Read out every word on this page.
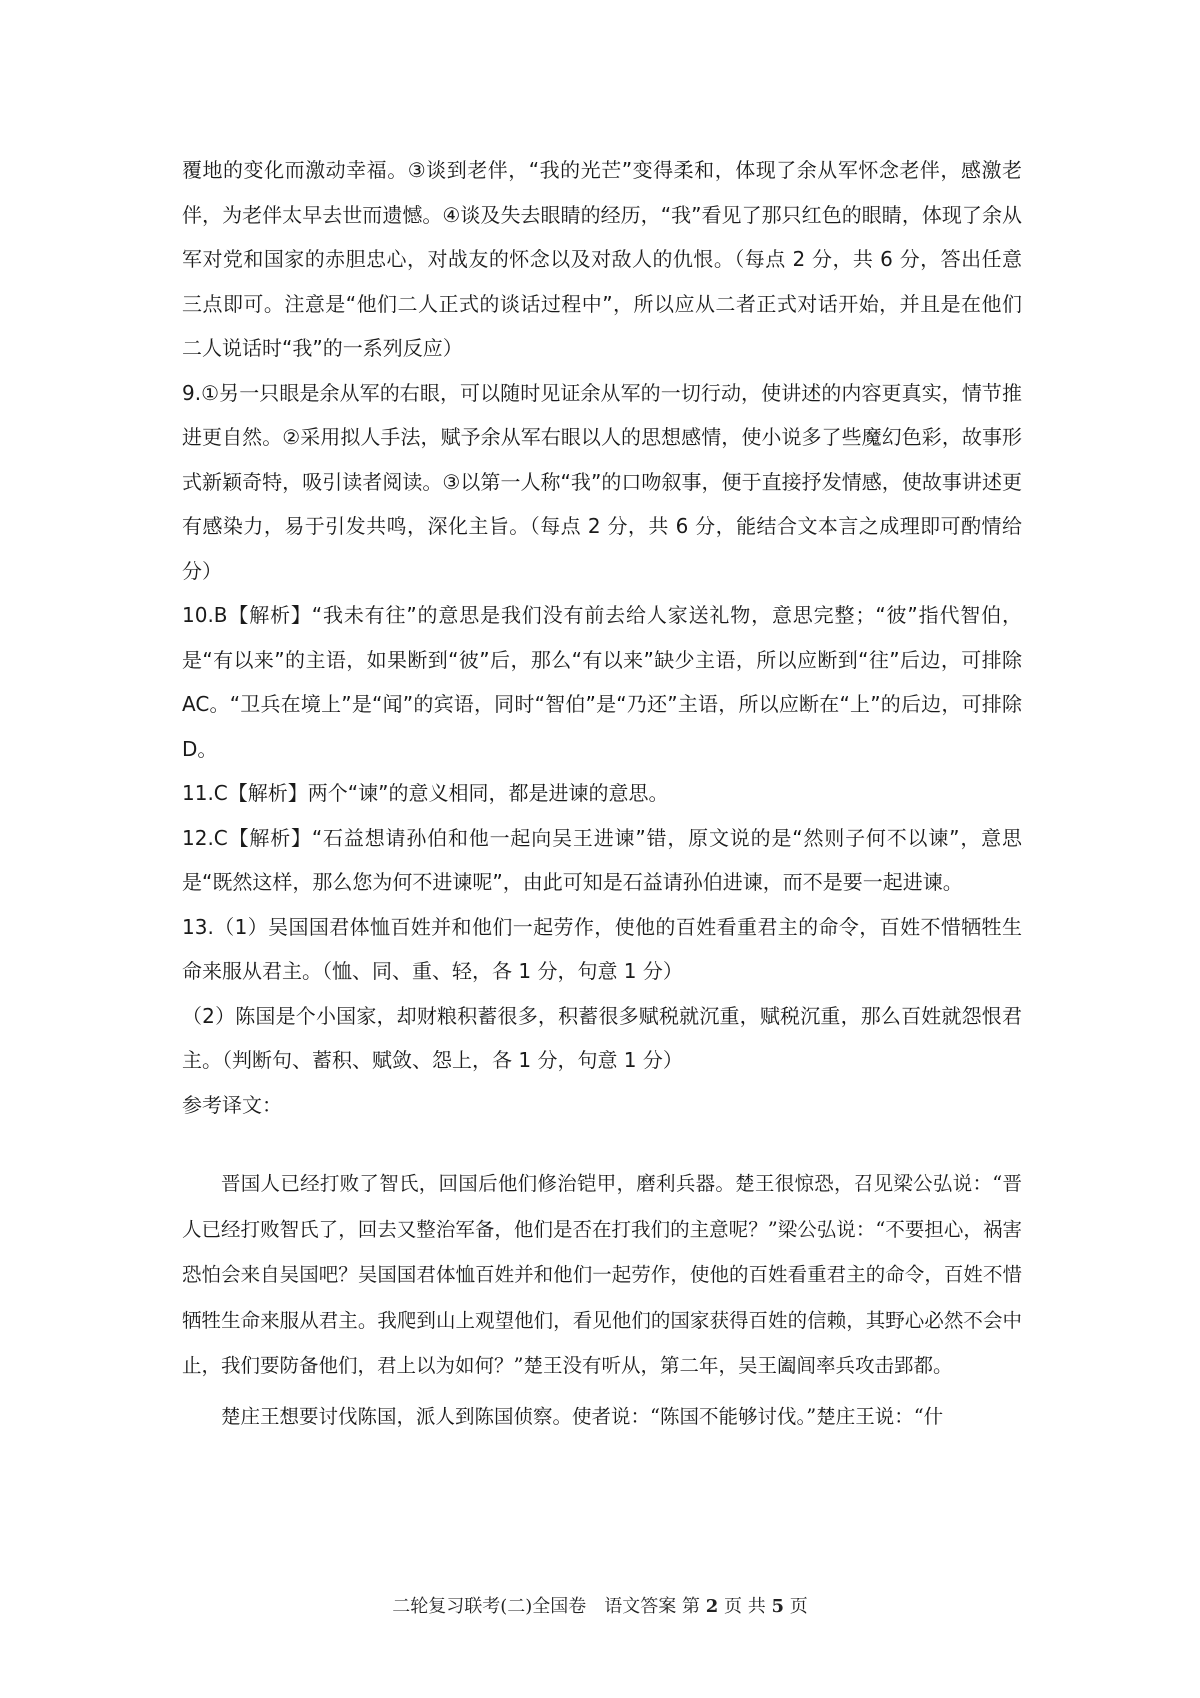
覆地的变化而激动幸福。③谈到老伴，“我的光芒”变得柔和，体现了余从军怀念老伴，感激老伴，为老伴太早去世而遗憾。④谈及失去眼睛的经历，“我”看见了那只红色的眼睛，体现了余从军对党和国家的赤胆忠心，对战友的怀念以及对敌人的仇恨。（每点 2 分，共 6 分，答出任意三点即可。注意是“他们二人正式的谈话过程中”，所以应从二者正式对话开始，并且是在他们二人说话时“我”的一系列反应）

9.①另一只眼是余从军的右眼，可以随时见证余从军的一切行动，使讲述的内容更真实，情节推进更自然。②采用拟人手法，赋予余从军右眼以人的思想感情，使小说多了些魔幻色彩，故事形式新颖奇特，吸引读者阅读。③以第一人称“我”的口吻叙事，便于直接抒发情感，使故事讲述更有感染力，易于引发共鸣，深化主旨。（每点 2 分，共 6 分，能结合文本言之成理即可酌情给分）

10.B【解析】“我未有往”的意思是我们没有前去给人家送礼物，意思完整；“彼”指代智伯，是“有以来”的主语，如果断到“彼”后，那么“有以来”缺少主语，所以应断到“往”后边，可排除 AC。“卫兵在境上”是“闻”的宾语，同时“智伯”是“乃还”主语，所以应断在“上”的后边，可排除 D。

11.C【解析】两个“谏”的意义相同，都是进谏的意思。

12.C【解析】“石益想请孙伯和他一起向吴王进谏”错，原文说的是“然则子何不以谏”，意思是“既然这样，那么您为何不进谏呢”，由此可知是石益请孙伯进谏，而不是要一起进谏。

13.（1）吴国国君体恤百姓并和他们一起劳作，使他的百姓看重君主的命令，百姓不惜牺牲生命来服从君主。（恤、同、重、轻，各 1 分，句意 1 分）

（2）陈国是个小国家，却财粮积蓄很多，积蓄很多赋税就沉重，赋税沉重，那么百姓就怨恨君主。（判断句、蓄积、赋敛、怨上，各 1 分，句意 1 分）

参考译文：

晋国人已经打败了智氏，回国后他们修治铠甲，磨利兵器。楚王很惊恐，召见梁公弘说：“晋人已经打败智氏了，回去又整治军备，他们是否在打我们的主意呢？”梁公弘说：“不要担心，祸害恐怕会来自吴国吧？吴国国君体恤百姓并和他们一起劳作，使他的百姓看重君主的命令，百姓不惜牺牲生命来服从君主。我爬到山上观望他们，看见他们的国家获得百姓的信赖，其野心必然不会中止，我们要防备他们，君上以为如何？”楚王没有听从，第二年，吴王阖闾率兵攻击郢都。

楚庄王想要讨伐陈国，派人到陈国侦察。使者说：“陈国不能够讨伐。”楚庄王说：“什

二轮复习联考(二)全国卷　语文答案 第 2 页 共 5 页
